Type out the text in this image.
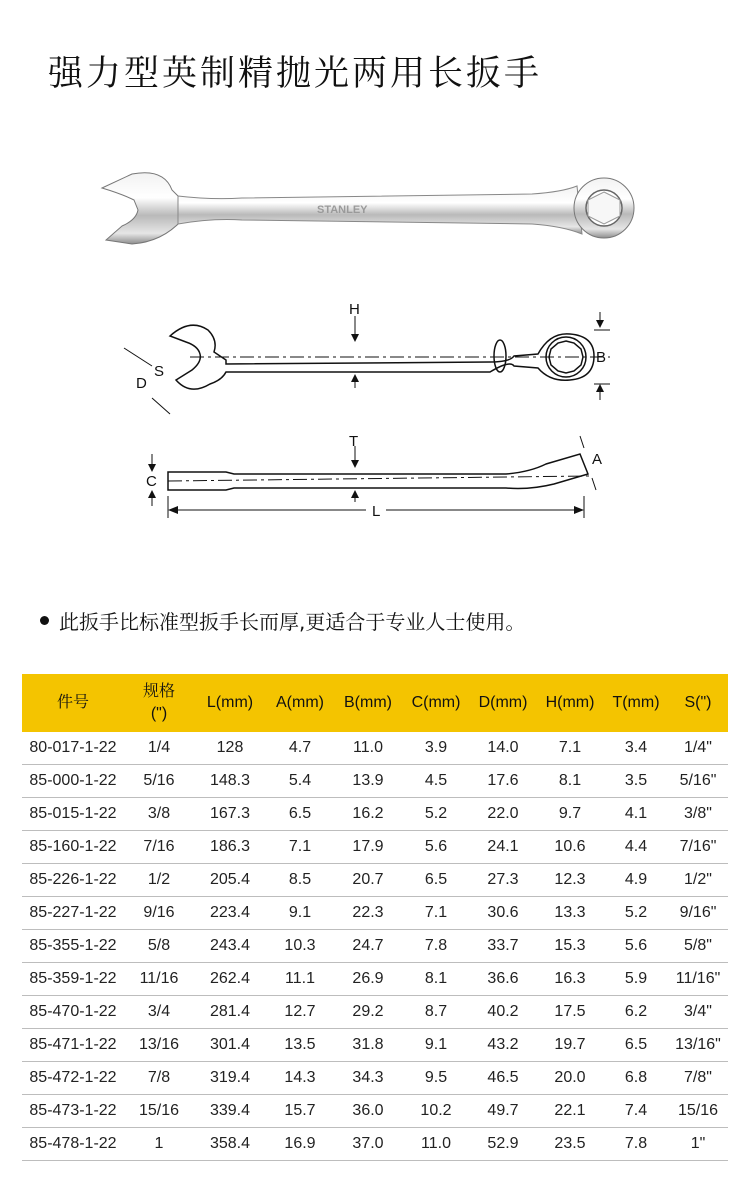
强力型英制精抛光两用长扳手
STANLEY
H
B
S
D
T
C
A
L
此扳手比标准型扳手长而厚,更适合于专业人士使用。
件号	规格
(")	L(mm)	A(mm)	B(mm)	C(mm)	D(mm)	H(mm)	T(mm)	S(")
80-017-1-22	1/4	128	4.7	11.0	3.9	14.0	7.1	3.4	1/4"
85-000-1-22	5/16	148.3	5.4	13.9	4.5	17.6	8.1	3.5	5/16"
85-015-1-22	3/8	167.3	6.5	16.2	5.2	22.0	9.7	4.1	3/8"
85-160-1-22	7/16	186.3	7.1	17.9	5.6	24.1	10.6	4.4	7/16"
85-226-1-22	1/2	205.4	8.5	20.7	6.5	27.3	12.3	4.9	1/2"
85-227-1-22	9/16	223.4	9.1	22.3	7.1	30.6	13.3	5.2	9/16"
85-355-1-22	5/8	243.4	10.3	24.7	7.8	33.7	15.3	5.6	5/8"
85-359-1-22	11/16	262.4	11.1	26.9	8.1	36.6	16.3	5.9	11/16"
85-470-1-22	3/4	281.4	12.7	29.2	8.7	40.2	17.5	6.2	3/4"
85-471-1-22	13/16	301.4	13.5	31.8	9.1	43.2	19.7	6.5	13/16"
85-472-1-22	7/8	319.4	14.3	34.3	9.5	46.5	20.0	6.8	7/8"
85-473-1-22	15/16	339.4	15.7	36.0	10.2	49.7	22.1	7.4	15/16
85-478-1-22	1	358.4	16.9	37.0	11.0	52.9	23.5	7.8	1"
